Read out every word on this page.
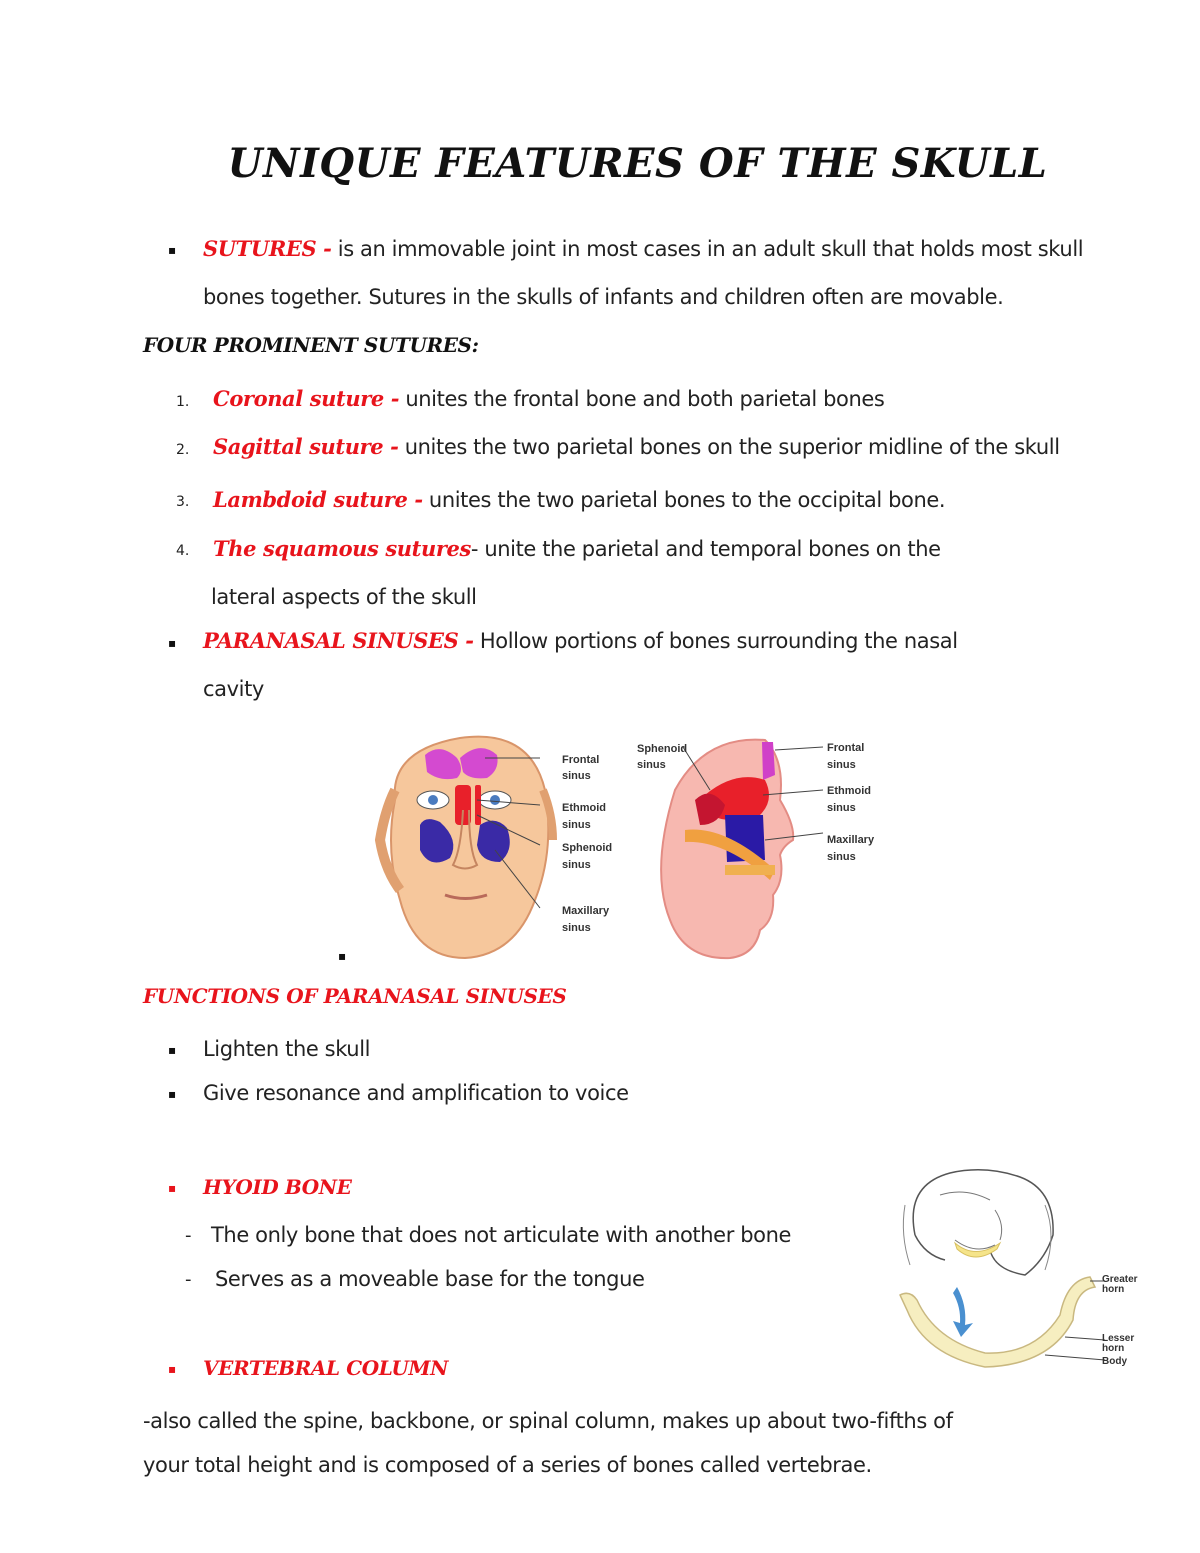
UNIQUE FEATURES OF THE SKULL
▪ SUTURES - is an immovable joint in most cases in an adult skull that holds most skull
bones together. Sutures in the skulls of infants and children often are movable.
FOUR PROMINENT SUTURES:
1. Coronal suture - unites the frontal bone and both parietal bones
2. Sagittal suture - unites the two parietal bones on the superior midline of the skull
3. Lambdoid suture - unites the two parietal bones to the occipital bone.
4. The squamous sutures- unite the parietal and temporal bones on the
lateral aspects of the skull
▪ PARANASAL SINUSES - Hollow portions of bones surrounding the nasal
cavity
Frontal
sinus
Ethmoid
sinus
Sphenoid
sinus
Maxillary
sinus
Sphenoid
sinus
Frontal
sinus
Ethmoid
sinus
Maxillary
sinus
▪
FUNCTIONS OF PARANASAL SINUSES
▪ Lighten the skull
▪ Give resonance and amplification to voice
▪ HYOID BONE
- The only bone that does not articulate with another bone
- Serves as a moveable base for the tongue	Greater
horn
Lesser
horn
Body
▪ VERTEBRAL COLUMN
-also called the spine, backbone, or spinal column, makes up about two-fifths of
your total height and is composed of a series of bones called vertebrae.
